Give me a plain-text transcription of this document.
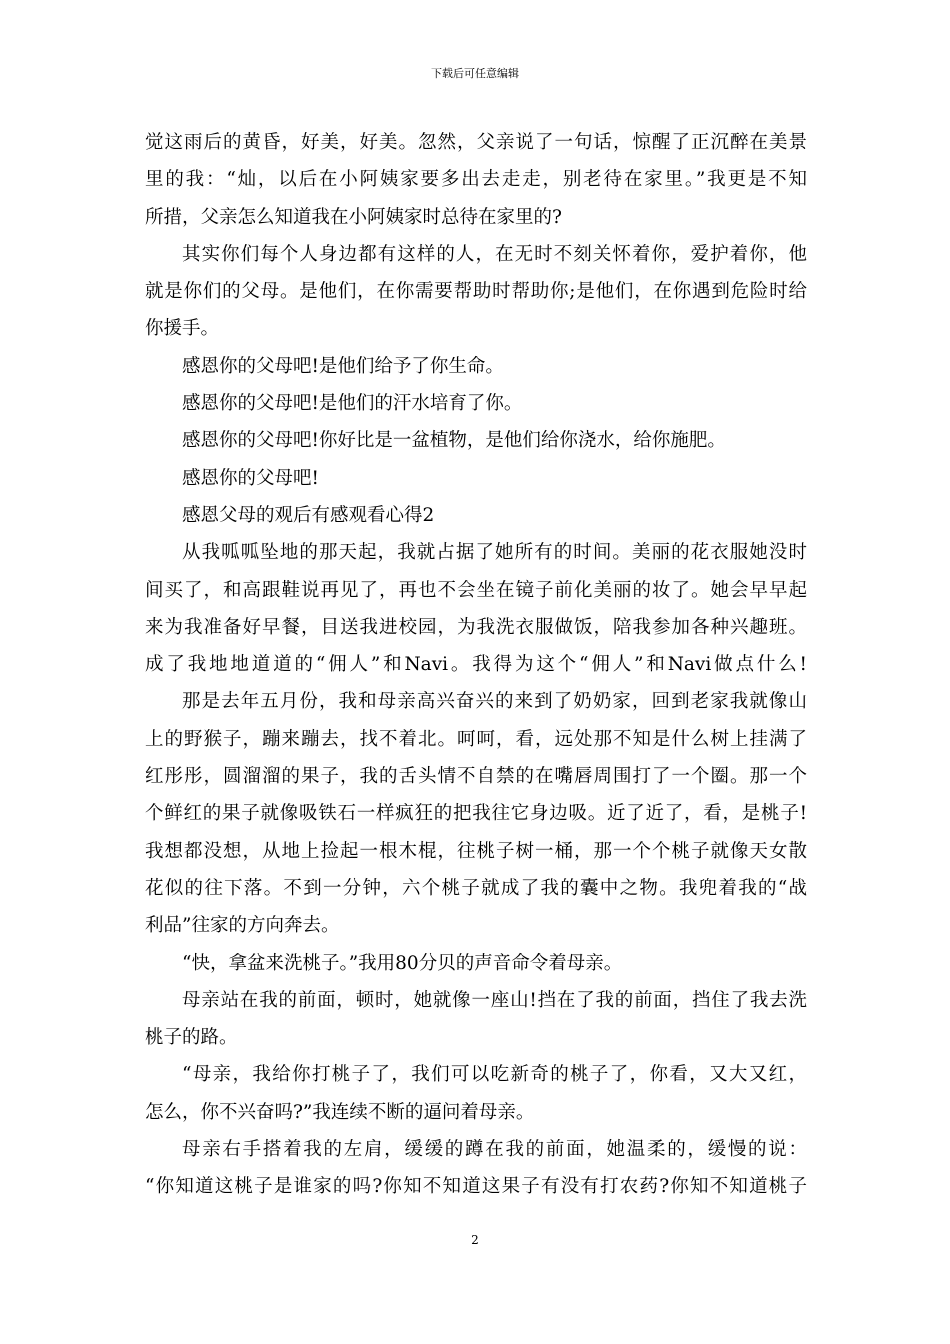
下载后可任意编辑
觉这雨后的黄昏，好美，好美。忽然，父亲说了一句话，惊醒了正沉醉在美景
里的我：“灿，以后在小阿姨家要多出去走走，别老待在家里。”我更是不知
所措，父亲怎么知道我在小阿姨家时总待在家里的?
其实你们每个人身边都有这样的人，在无时不刻关怀着你，爱护着你，他
就是你们的父母。是他们，在你需要帮助时帮助你;是他们，在你遇到危险时给
你援手。
感恩你的父母吧!是他们给予了你生命。
感恩你的父母吧!是他们的汗水培育了你。
感恩你的父母吧!你好比是一盆植物，是他们给你浇水，给你施肥。
感恩你的父母吧!
感恩父母的观后有感观看心得2
从我呱呱坠地的那天起，我就占据了她所有的时间。美丽的花衣服她没时
间买了，和高跟鞋说再见了，再也不会坐在镜子前化美丽的妆了。她会早早起
来为我准备好早餐，目送我进校园，为我洗衣服做饭，陪我参加各种兴趣班。
成了我地地道道的“佣人”和Navi。我得为这个“佣人”和Navi做点什么!
那是去年五月份，我和母亲高兴奋兴的来到了奶奶家，回到老家我就像山
上的野猴子，蹦来蹦去，找不着北。呵呵，看，远处那不知是什么树上挂满了
红彤彤，圆溜溜的果子，我的舌头情不自禁的在嘴唇周围打了一个圈。那一个
个鲜红的果子就像吸铁石一样疯狂的把我往它身边吸。近了近了，看，是桃子!
我想都没想，从地上捡起一根木棍，往桃子树一桶，那一个个桃子就像天女散
花似的往下落。不到一分钟，六个桃子就成了我的囊中之物。我兜着我的“战
利品”往家的方向奔去。
“快，拿盆来洗桃子。”我用80分贝的声音命令着母亲。
母亲站在我的前面，顿时，她就像一座山!挡在了我的前面，挡住了我去洗
桃子的路。
“母亲，我给你打桃子了，我们可以吃新奇的桃子了，你看，又大又红，
怎么，你不兴奋吗?”我连续不断的逼问着母亲。
母亲右手搭着我的左肩，缓缓的蹲在我的前面，她温柔的，缓慢的说：
“你知道这桃子是谁家的吗?你知不知道这果子有没有打农药?你知不知道桃子
2
